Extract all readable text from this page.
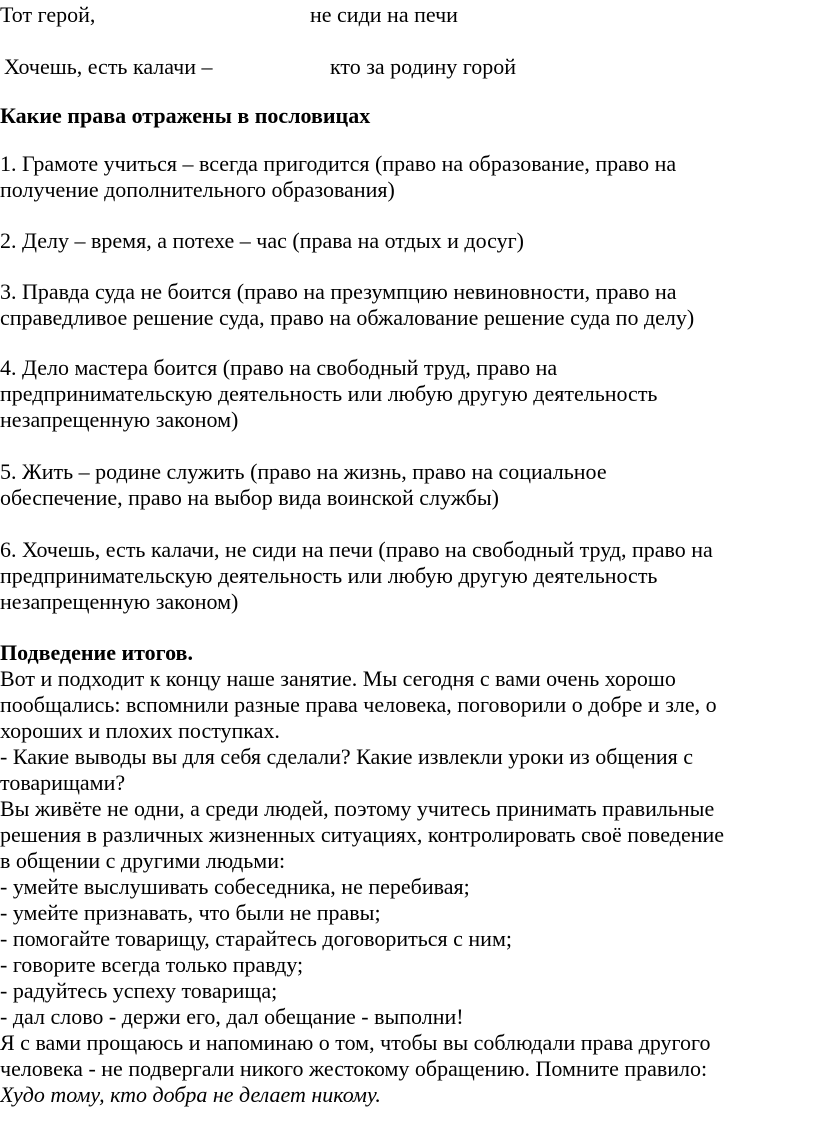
Тот герой,	не сиди на печи
Хочешь, есть калачи –	кто за родину горой
Какие права отражены в пословицах
1. Грамоте учиться – всегда пригодится (право на образование, право на
получение дополнительного образования)
2. Делу – время, а потехе – час (права на отдых и досуг)
3. Правда суда не боится (право на презумпцию невиновности, право на
справедливое решение суда, право на обжалование решение суда по делу)
4. Дело мастера боится (право на свободный труд, право на
предпринимательскую деятельность или любую другую деятельность
незапрещенную законом)
5. Жить – родине служить (право на жизнь, право на социальное
обеспечение, право на выбор вида воинской службы)
6. Хочешь, есть калачи, не сиди на печи (право на свободный труд, право на
предпринимательскую деятельность или любую другую деятельность
незапрещенную законом)
Подведение итогов.
Вот и подходит к концу наше занятие. Мы сегодня с вами очень хорошо
пообщались: вспомнили разные права человека, поговорили о добре и зле, о
хороших и плохих поступках.
- Какие выводы вы для себя сделали? Какие извлекли уроки из общения с
товарищами?
Вы живёте не одни, а среди людей, поэтому учитесь принимать правильные
решения в различных жизненных ситуациях, контролировать своё поведение
в общении с другими людьми:
- умейте выслушивать собеседника, не перебивая;
- умейте признавать, что были не правы;
- помогайте товарищу, старайтесь договориться с ним;
- говорите всегда только правду;
- радуйтесь успеху товарища;
- дал слово - держи его, дал обещание - выполни!
Я с вами прощаюсь и напоминаю о том, чтобы вы соблюдали права другого
человека - не подвергали никого жестокому обращению. Помните правило:
Худо тому, кто добра не делает никому.
